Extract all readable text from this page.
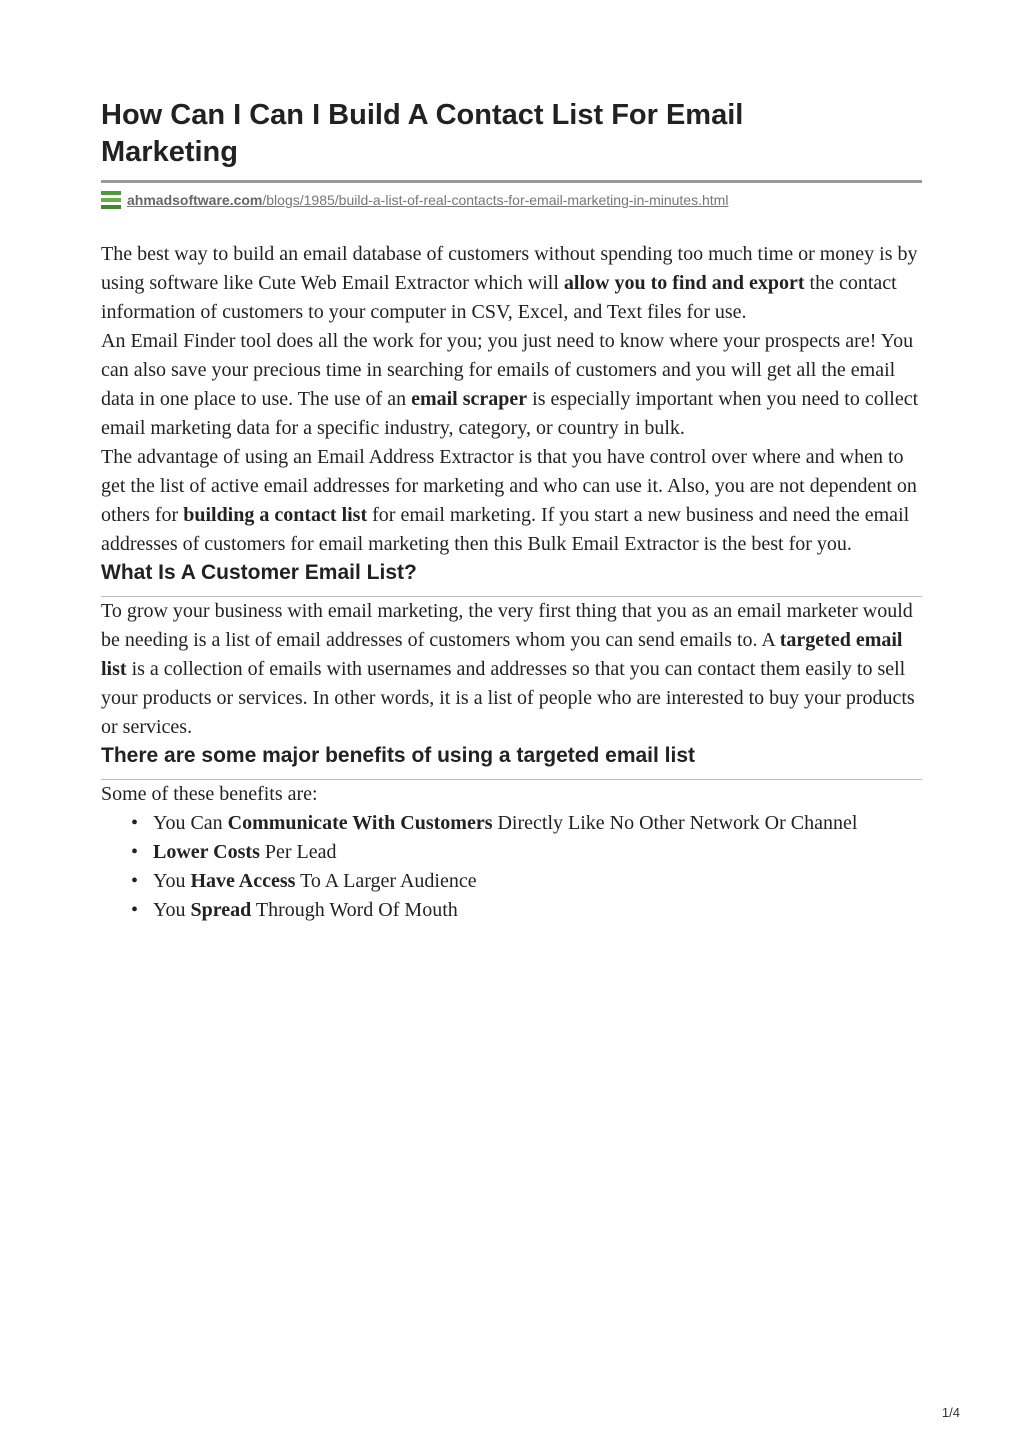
How Can I Can I Build A Contact List For Email Marketing
ahmadsoftware.com/blogs/1985/build-a-list-of-real-contacts-for-email-marketing-in-minutes.html

The best way to build an email database of customers without spending too much time or money is by using software like Cute Web Email Extractor which will allow you to find and export the contact information of customers to your computer in CSV, Excel, and Text files for use.

An Email Finder tool does all the work for you; you just need to know where your prospects are! You can also save your precious time in searching for emails of customers and you will get all the email data in one place to use. The use of an email scraper is especially important when you need to collect email marketing data for a specific industry, category, or country in bulk.

The advantage of using an Email Address Extractor is that you have control over where and when to get the list of active email addresses for marketing and who can use it. Also, you are not dependent on others for building a contact list for email marketing. If you start a new business and need the email addresses of customers for email marketing then this Bulk Email Extractor is the best for you.

What Is A Customer Email List?

To grow your business with email marketing, the very first thing that you as an email marketer would be needing is a list of email addresses of customers whom you can send emails to. A targeted email list is a collection of emails with usernames and addresses so that you can contact them easily to sell your products or services. In other words, it is a list of people who are interested to buy your products or services.

There are some major benefits of using a targeted email list

Some of these benefits are:

• You Can Communicate With Customers Directly Like No Other Network Or Channel
• Lower Costs Per Lead
• You Have Access To A Larger Audience
• You Spread Through Word Of Mouth
1/4
